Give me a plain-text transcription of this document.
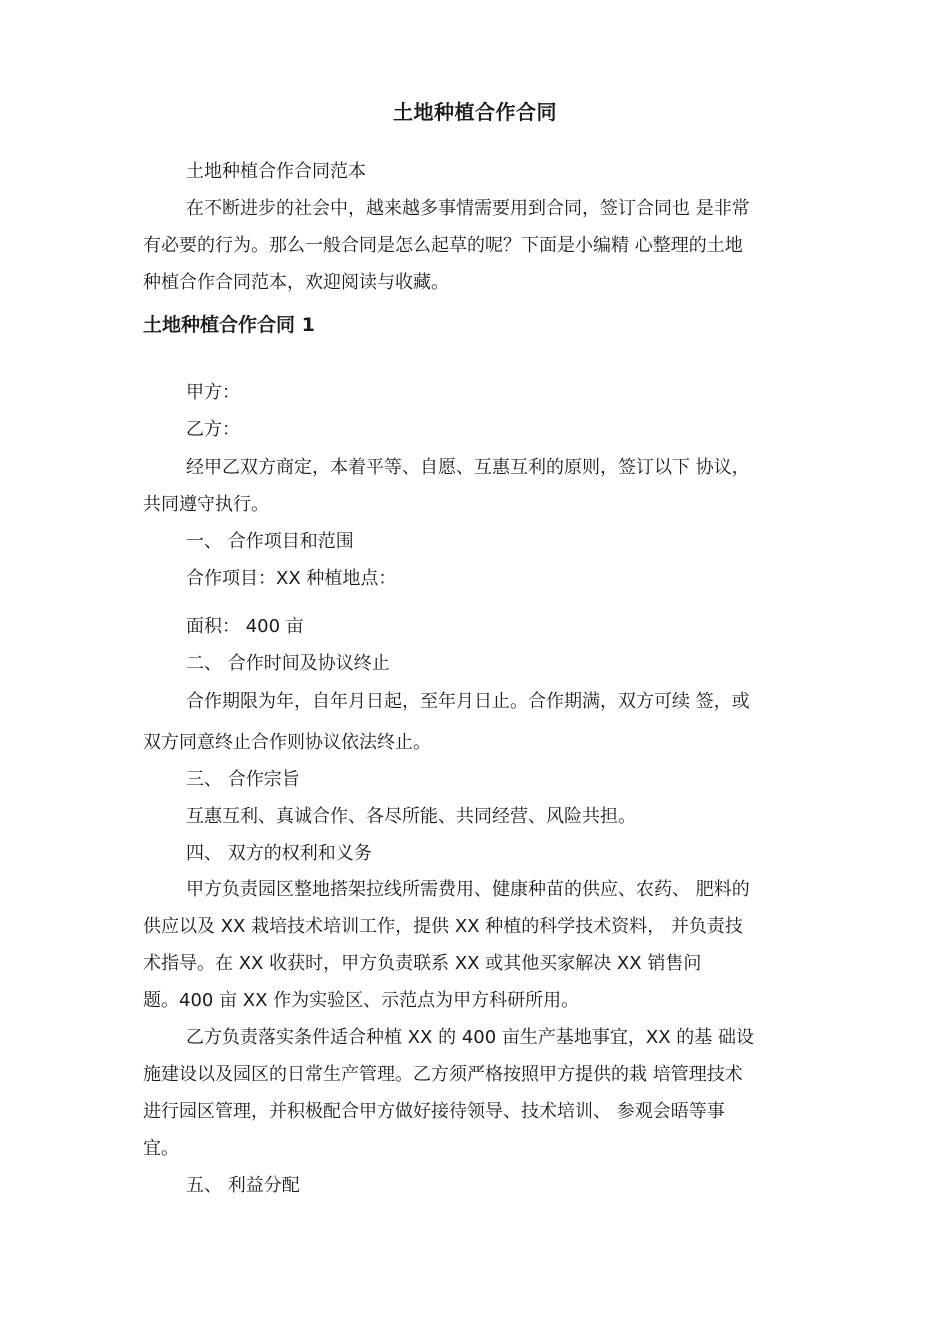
土地种植合作合同
土地种植合作合同范本
在不断进步的社会中，越来越多事情需要用到合同，签订合同也 是非常
有必要的行为。那么一般合同是怎么起草的呢？下面是小编精 心整理的土地
种植合作合同范本，欢迎阅读与收藏。
土地种植合作合同 1
甲方：
乙方：
经甲乙双方商定，本着平等、自愿、互惠互利的原则，签订以下 协议，
共同遵守执行。
一、 合作项目和范围
合作项目：XX 种植地点：
面积： 400 亩
二、 合作时间及协议终止
合作期限为年，自年月日起，至年月日止。合作期满，双方可续 签，或
双方同意终止合作则协议依法终止。
三、 合作宗旨
互惠互利、真诚合作、各尽所能、共同经营、风险共担。
四、 双方的权利和义务
甲方负责园区整地搭架拉线所需费用、健康种苗的供应、农药、 肥料的
供应以及 XX 栽培技术培训工作，提供 XX 种植的科学技术资料， 并负责技
术指导。在 XX 收获时，甲方负责联系 XX 或其他买家解决 XX 销售问
题。400 亩 XX 作为实验区、示范点为甲方科研所用。
乙方负责落实条件适合种植 XX 的 400 亩生产基地事宜，XX 的基 础设
施建设以及园区的日常生产管理。乙方须严格按照甲方提供的栽 培管理技术
进行园区管理，并积极配合甲方做好接待领导、技术培训、 参观会晤等事
宜。
五、 利益分配
